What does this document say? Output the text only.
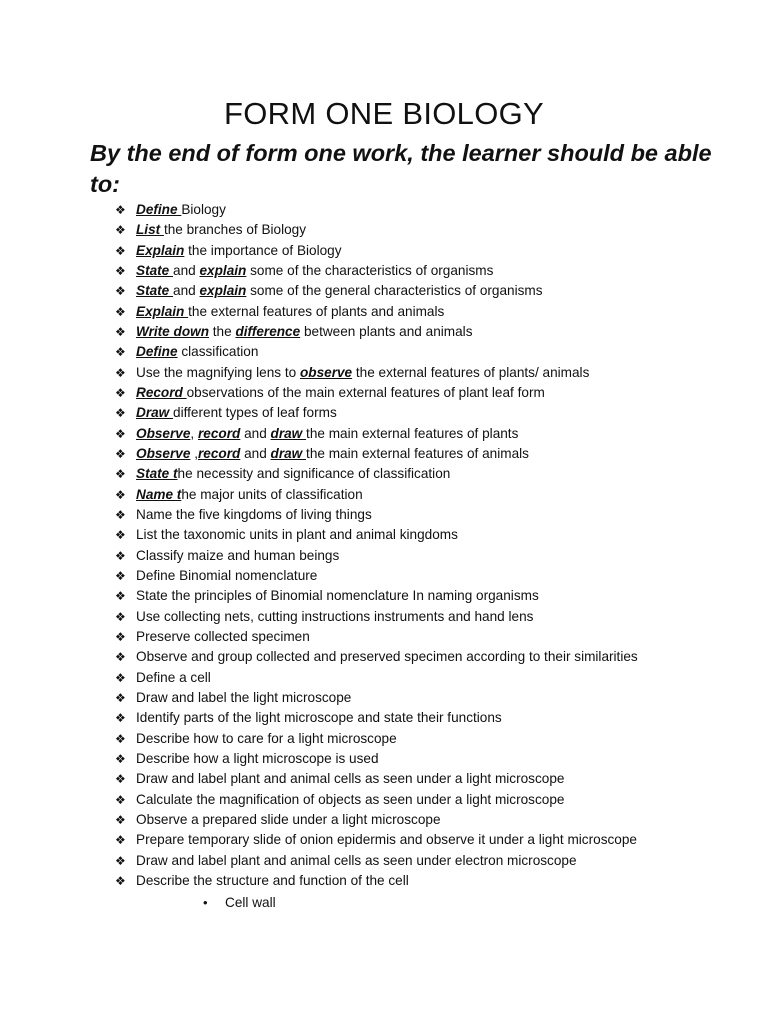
FORM ONE BIOLOGY

By the end of form one work, the learner should be able to:

❖ Define Biology
❖ List the branches of Biology
❖ Explain the importance of Biology
❖ State and explain some of the characteristics of organisms
❖ State and explain some of the general characteristics of organisms
❖ Explain the external features of plants and animals
❖ Write down the difference between plants and animals
❖ Define classification
❖ Use the magnifying lens to observe the external features of plants/ animals
❖ Record observations of the main external features of plant leaf form
❖ Draw different types of leaf forms
❖ Observe, record and draw the main external features of plants
❖ Observe ,record and draw the main external features of animals
❖ State the necessity and significance of classification
❖ Name the major units of classification
❖ Name the five kingdoms of living things
❖ List the taxonomic units in plant and animal kingdoms
❖ Classify maize and human beings
❖ Define Binomial nomenclature
❖ State the principles of Binomial nomenclature In naming organisms
❖ Use collecting nets, cutting instructions instruments and hand lens
❖ Preserve collected specimen
❖ Observe and group collected and preserved specimen according to their similarities
❖ Define a cell
❖ Draw and label the light microscope
❖ Identify parts of the light microscope and state their functions
❖ Describe how to care for a light microscope
❖ Describe how a light microscope is used
❖ Draw and label plant and animal cells as seen under a light microscope
❖ Calculate the magnification of objects as seen under a light microscope
❖ Observe a prepared slide under a light microscope
❖ Prepare temporary slide of onion epidermis and observe it under a light microscope
❖ Draw and label plant and animal cells as seen under electron microscope
❖ Describe the structure and function of the cell
• Cell wall
